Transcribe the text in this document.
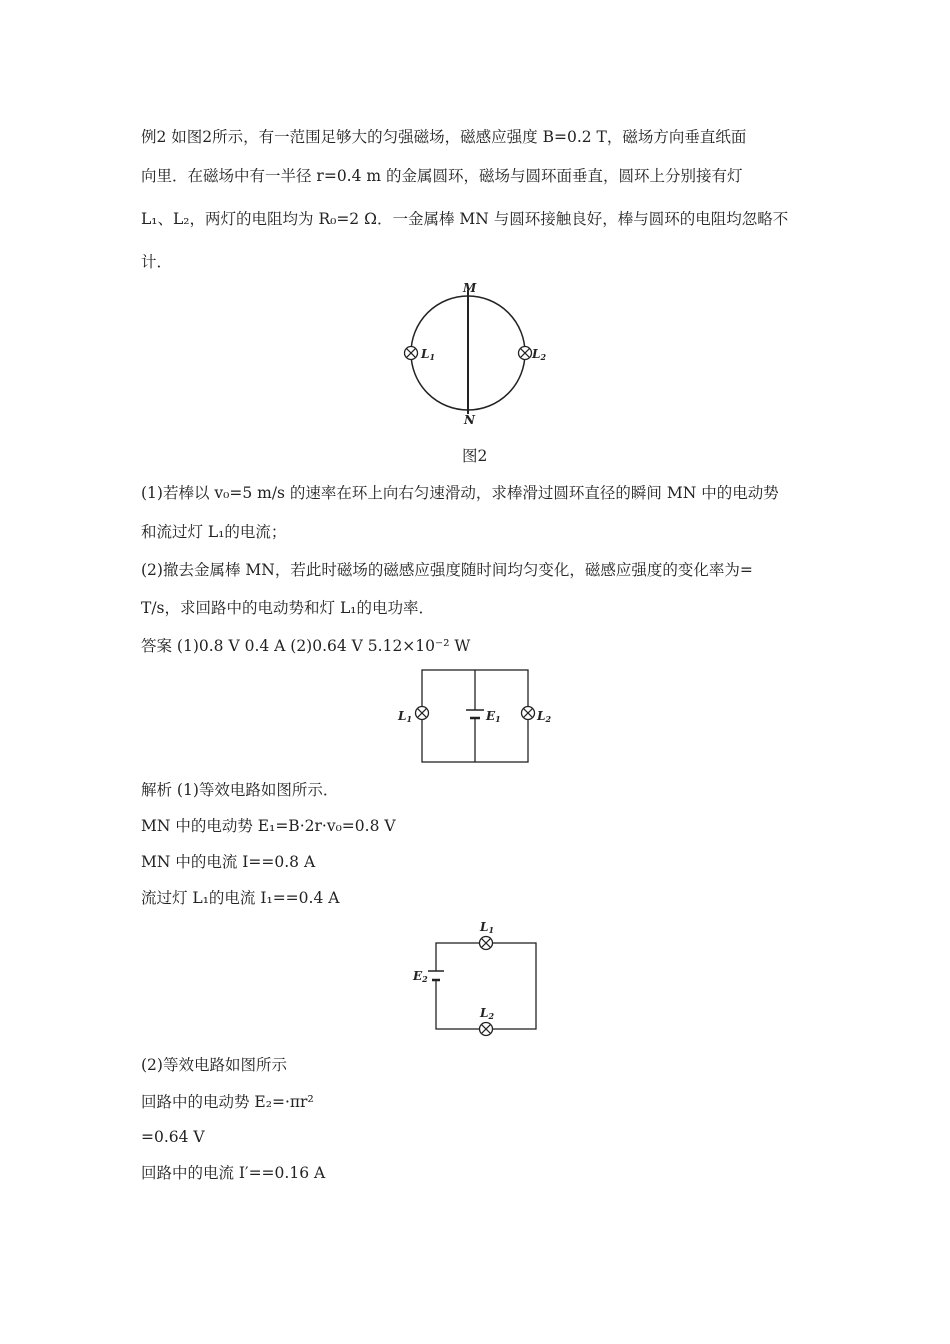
例2 如图2所示，有一范围足够大的匀强磁场，磁感应强度 B=0.2 T，磁场方向垂直纸面
向里．在磁场中有一半径 r=0.4 m 的金属圆环，磁场与圆环面垂直，圆环上分别接有灯
L₁、L₂，两灯的电阻均为 R₀=2 Ω．一金属棒 MN 与圆环接触良好，棒与圆环的电阻均忽略不
计．
M
N
L1	L2
图2
(1)若棒以 v₀=5 m/s 的速率在环上向右匀速滑动，求棒滑过圆环直径的瞬间 MN 中的电动势
和流过灯 L₁的电流；
(2)撤去金属棒 MN，若此时磁场的磁感应强度随时间均匀变化，磁感应强度的变化率为=
T/s，求回路中的电动势和灯 L₁的电功率．
答案 (1)0.8 V 0.4 A (2)0.64 V 5.12×10⁻² W
L1	E1	L2
解析 (1)等效电路如图所示．
MN 中的电动势 E₁=B·2r·v₀=0.8 V
MN 中的电流 I==0.8 A
流过灯 L₁的电流 I₁==0.4 A
L1
E2
L2
(2)等效电路如图所示
回路中的电动势 E₂=·πr²
=0.64 V
回路中的电流 I′==0.16 A
